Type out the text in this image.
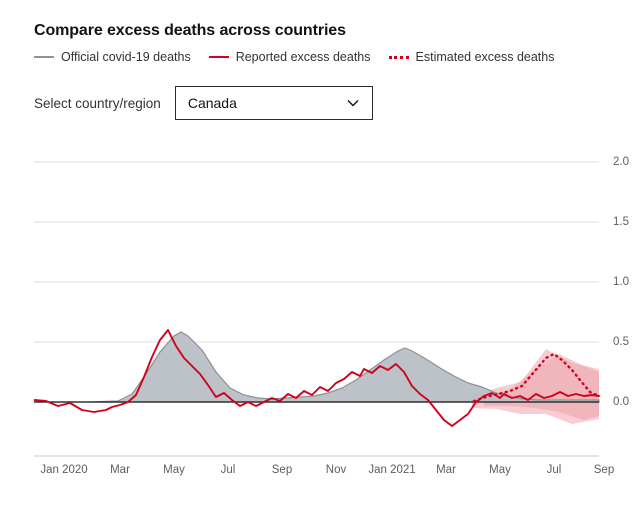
Compare excess deaths across countries
Official covid-19 deaths	Reported excess deaths	Estimated excess deaths
Select country/region Canada
2.0
1.5
1.0
0.5
0.0
Jan 2020 Mar	May	Jul	Sep	Nov Jan 2021 Mar	May	Jul	Sep
